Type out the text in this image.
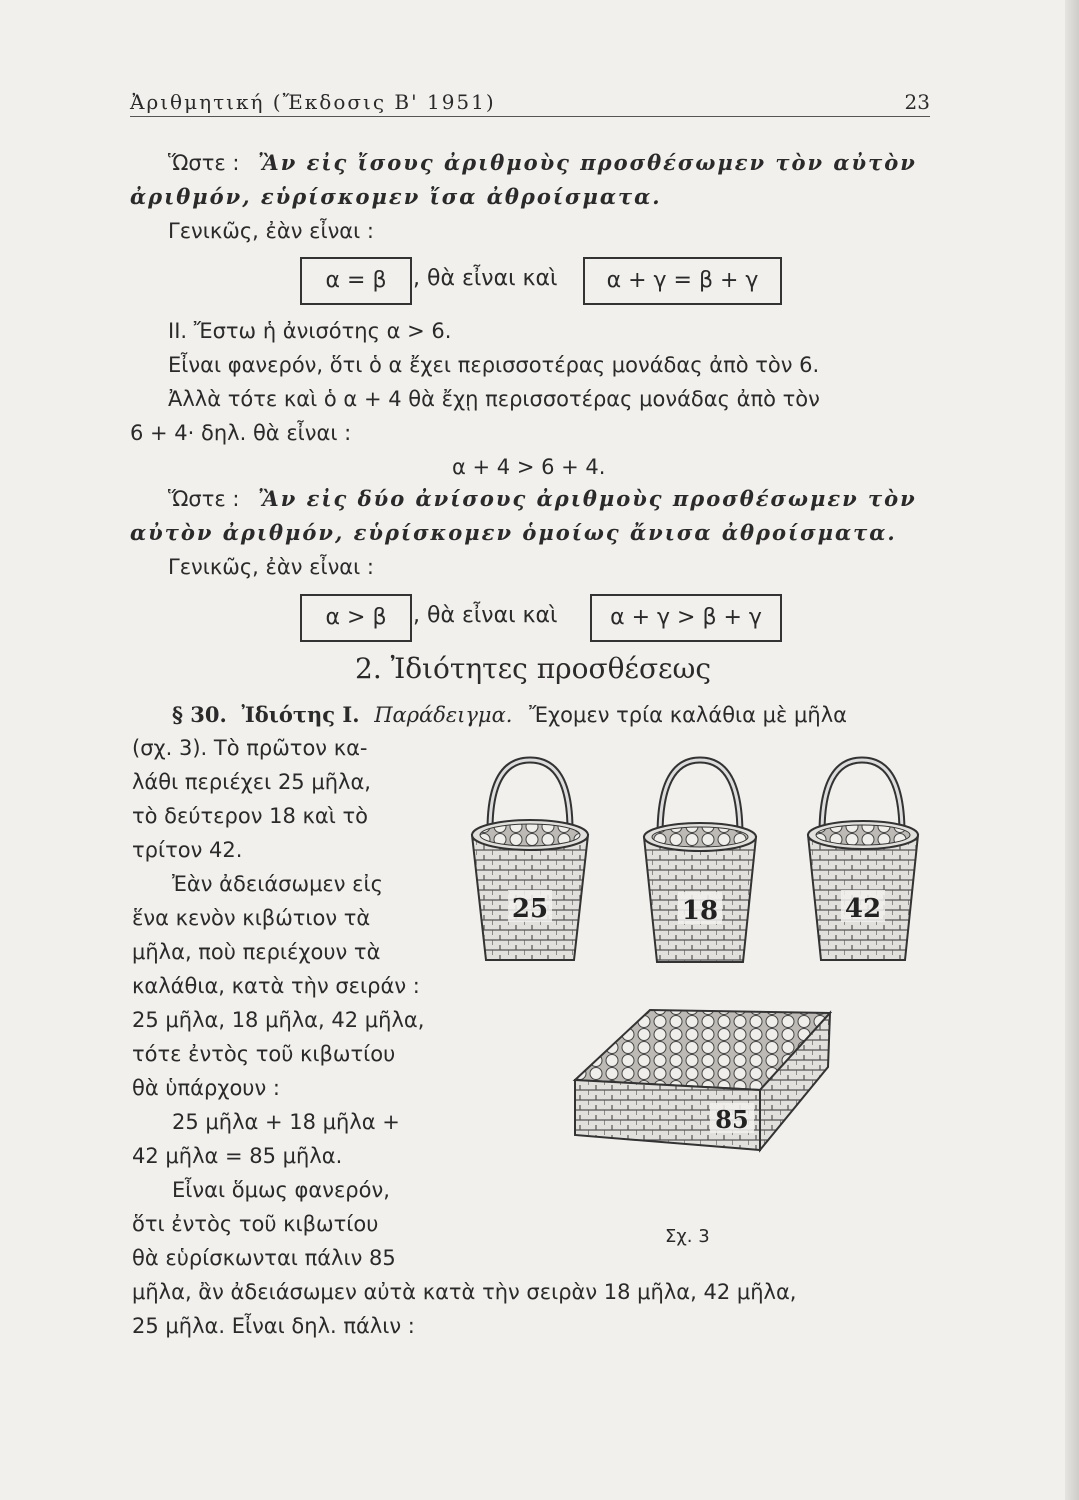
Ἀριθμητική (Ἔκδοσις Β' 1951)	23
Ὥστε : Ἂν εἰς ἴσους ἀριθμοὺς προσθέσωμεν τὸν αὐτὸν
ἀριθμόν, εὑρίσκομεν ἴσα ἀθροίσματα.
Γενικῶς, ἐὰν εἶναι :
α = β	, θὰ εἶναι καὶ	α + γ = β + γ
II. Ἔστω ἡ ἀνισότης α > 6.
Εἶναι φανερόν, ὅτι ὁ α ἔχει περισσοτέρας μονάδας ἀπὸ τὸν 6.
Ἀλλὰ τότε καὶ ὁ α + 4 θὰ ἔχῃ περισσοτέρας μονάδας ἀπὸ τὸν
6 + 4· δηλ. θὰ εἶναι :
α + 4 > 6 + 4.
Ὥστε : Ἂν εἰς δύο ἀνίσους ἀριθμοὺς προσθέσωμεν τὸν
αὐτὸν ἀριθμόν, εὑρίσκομεν ὁμοίως ἄνισα ἀθροίσματα.
Γενικῶς, ἐὰν εἶναι :
α > β	, θὰ εἶναι καὶ	α + γ > β + γ
2. Ἰδιότητες προσθέσεως
§ 30. Ἰδιότης I. Παράδειγμα. Ἔχομεν τρία καλάθια μὲ μῆλα
(σχ. 3). Τὸ πρῶτον κα-
λάθι περιέχει 25 μῆλα,
τὸ δεύτερον 18 καὶ τὸ
τρίτον 42.
Ἐὰν ἀδειάσωμεν εἰς
ἕνα κενὸν κιβώτιον τὰ
μῆλα, ποὺ περιέχουν τὰ
καλάθια, κατὰ τὴν σειράν :
25 μῆλα, 18 μῆλα, 42 μῆλα,
τότε ἐντὸς τοῦ κιβωτίου
θὰ ὑπάρχουν :
25 μῆλα + 18 μῆλα +
42 μῆλα = 85 μῆλα.
Εἶναι ὅμως φανερόν,
ὅτι ἐντὸς τοῦ κιβωτίου
θὰ εὑρίσκωνται πάλιν 85
μῆλα, ἂν ἀδειάσωμεν αὐτὰ κατὰ τὴν σειρὰν 18 μῆλα, 42 μῆλα,
25 μῆλα. Εἶναι δηλ. πάλιν :
25	18	42
85
Σχ. 3
